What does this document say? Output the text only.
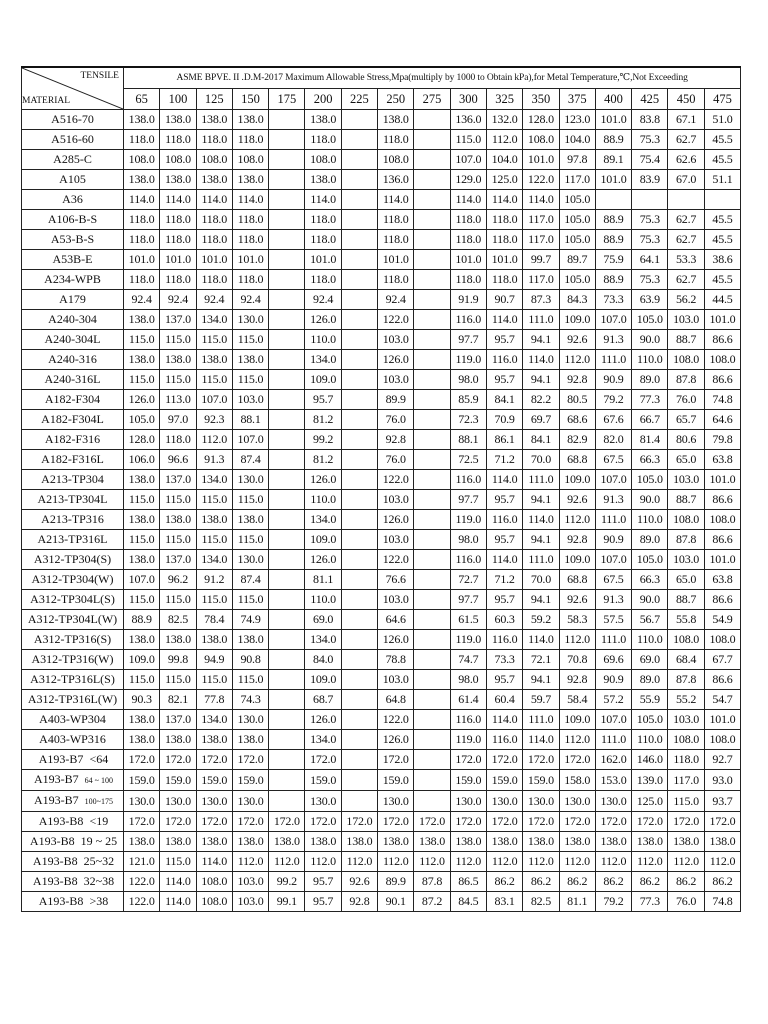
TENSILE
MATERIAL	ASME BPVE. II .D.M-2017 Maximum Allowable Stress,Mpa(multiply by 1000 to Obtain kPa),for Metal Temperature,℃,Not Exceeding																
	65	100	125	150	175	200	225	250	275	300	325	350	375	400	425	450	475
A516-70	138.0	138.0	138.0	138.0		138.0		138.0		136.0	132.0	128.0	123.0	101.0	83.8	67.1	51.0
A516-60	118.0	118.0	118.0	118.0		118.0		118.0		115.0	112.0	108.0	104.0	88.9	75.3	62.7	45.5
A285-C	108.0	108.0	108.0	108.0		108.0		108.0		107.0	104.0	101.0	97.8	89.1	75.4	62.6	45.5
A105	138.0	138.0	138.0	138.0		138.0		136.0		129.0	125.0	122.0	117.0	101.0	83.9	67.0	51.1
A36	114.0	114.0	114.0	114.0		114.0		114.0		114.0	114.0	114.0	105.0				
A106-B-S	118.0	118.0	118.0	118.0		118.0		118.0		118.0	118.0	117.0	105.0	88.9	75.3	62.7	45.5
A53-B-S	118.0	118.0	118.0	118.0		118.0		118.0		118.0	118.0	117.0	105.0	88.9	75.3	62.7	45.5
A53B-E	101.0	101.0	101.0	101.0		101.0		101.0		101.0	101.0	99.7	89.7	75.9	64.1	53.3	38.6
A234-WPB	118.0	118.0	118.0	118.0		118.0		118.0		118.0	118.0	117.0	105.0	88.9	75.3	62.7	45.5
A179	92.4	92.4	92.4	92.4		92.4		92.4		91.9	90.7	87.3	84.3	73.3	63.9	56.2	44.5
A240-304	138.0	137.0	134.0	130.0		126.0		122.0		116.0	114.0	111.0	109.0	107.0	105.0	103.0	101.0
A240-304L	115.0	115.0	115.0	115.0		110.0		103.0		97.7	95.7	94.1	92.6	91.3	90.0	88.7	86.6
A240-316	138.0	138.0	138.0	138.0		134.0		126.0		119.0	116.0	114.0	112.0	111.0	110.0	108.0	108.0
A240-316L	115.0	115.0	115.0	115.0		109.0		103.0		98.0	95.7	94.1	92.8	90.9	89.0	87.8	86.6
A182-F304	126.0	113.0	107.0	103.0		95.7		89.9		85.9	84.1	82.2	80.5	79.2	77.3	76.0	74.8
A182-F304L	105.0	97.0	92.3	88.1		81.2		76.0		72.3	70.9	69.7	68.6	67.6	66.7	65.7	64.6
A182-F316	128.0	118.0	112.0	107.0		99.2		92.8		88.1	86.1	84.1	82.9	82.0	81.4	80.6	79.8
A182-F316L	106.0	96.6	91.3	87.4		81.2		76.0		72.5	71.2	70.0	68.8	67.5	66.3	65.0	63.8
A213-TP304	138.0	137.0	134.0	130.0		126.0		122.0		116.0	114.0	111.0	109.0	107.0	105.0	103.0	101.0
A213-TP304L	115.0	115.0	115.0	115.0		110.0		103.0		97.7	95.7	94.1	92.6	91.3	90.0	88.7	86.6
A213-TP316	138.0	138.0	138.0	138.0		134.0		126.0		119.0	116.0	114.0	112.0	111.0	110.0	108.0	108.0
A213-TP316L	115.0	115.0	115.0	115.0		109.0		103.0		98.0	95.7	94.1	92.8	90.9	89.0	87.8	86.6
A312-TP304(S)	138.0	137.0	134.0	130.0		126.0		122.0		116.0	114.0	111.0	109.0	107.0	105.0	103.0	101.0
A312-TP304(W)	107.0	96.2	91.2	87.4		81.1		76.6		72.7	71.2	70.0	68.8	67.5	66.3	65.0	63.8
A312-TP304L(S)	115.0	115.0	115.0	115.0		110.0		103.0		97.7	95.7	94.1	92.6	91.3	90.0	88.7	86.6
A312-TP304L(W)	88.9	82.5	78.4	74.9		69.0		64.6		61.5	60.3	59.2	58.3	57.5	56.7	55.8	54.9
A312-TP316(S)	138.0	138.0	138.0	138.0		134.0		126.0		119.0	116.0	114.0	112.0	111.0	110.0	108.0	108.0
A312-TP316(W)	109.0	99.8	94.9	90.8		84.0		78.8		74.7	73.3	72.1	70.8	69.6	69.0	68.4	67.7
A312-TP316L(S)	115.0	115.0	115.0	115.0		109.0		103.0		98.0	95.7	94.1	92.8	90.9	89.0	87.8	86.6
A312-TP316L(W)	90.3	82.1	77.8	74.3		68.7		64.8		61.4	60.4	59.7	58.4	57.2	55.9	55.2	54.7
A403-WP304	138.0	137.0	134.0	130.0		126.0		122.0		116.0	114.0	111.0	109.0	107.0	105.0	103.0	101.0
A403-WP316	138.0	138.0	138.0	138.0		134.0		126.0		119.0	116.0	114.0	112.0	111.0	110.0	108.0	108.0
A193-B7 <64	172.0	172.0	172.0	172.0		172.0		172.0		172.0	172.0	172.0	172.0	162.0	146.0	118.0	92.7
A193-B7 64 ~ 100	159.0	159.0	159.0	159.0		159.0		159.0		159.0	159.0	159.0	158.0	153.0	139.0	117.0	93.0
A193-B7 100~175	130.0	130.0	130.0	130.0		130.0		130.0		130.0	130.0	130.0	130.0	130.0	125.0	115.0	93.7
A193-B8 <19	172.0	172.0	172.0	172.0	172.0	172.0	172.0	172.0	172.0	172.0	172.0	172.0	172.0	172.0	172.0	172.0	172.0
A193-B8 19 ~ 25	138.0	138.0	138.0	138.0	138.0	138.0	138.0	138.0	138.0	138.0	138.0	138.0	138.0	138.0	138.0	138.0	138.0
A193-B8 25~32	121.0	115.0	114.0	112.0	112.0	112.0	112.0	112.0	112.0	112.0	112.0	112.0	112.0	112.0	112.0	112.0	112.0
A193-B8 32~38	122.0	114.0	108.0	103.0	99.2	95.7	92.6	89.9	87.8	86.5	86.2	86.2	86.2	86.2	86.2	86.2	86.2
A193-B8 >38	122.0	114.0	108.0	103.0	99.1	95.7	92.8	90.1	87.2	84.5	83.1	82.5	81.1	79.2	77.3	76.0	74.8
